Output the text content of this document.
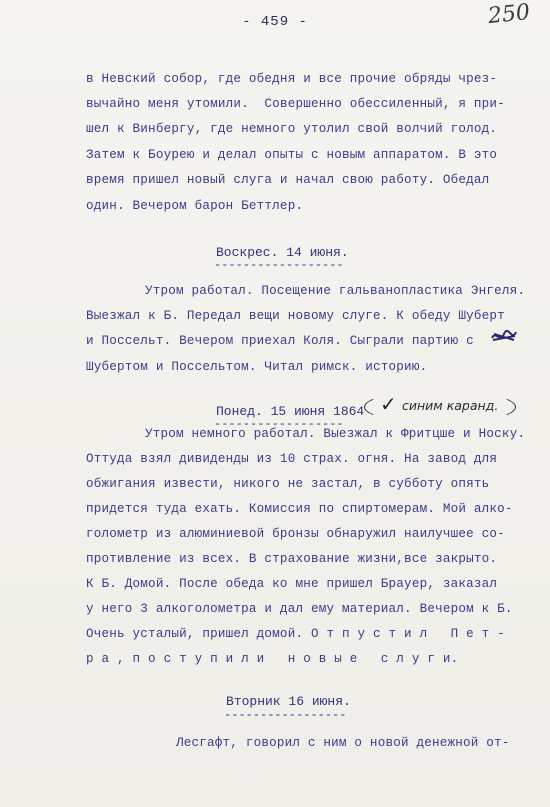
- 459 -	250
в Невский собор, где обедня и все прочие обряды чрез-
вычайно меня утомили.  Совершенно обессиленный, я при-
шел к Винбергу, где немного утолил свой волчий голод.
Затем к Боурею и делал опыты с новым аппаратом. В это
время пришел новый слуга и начал свою работу. Обедал
один. Вечером барон Беттлер.
Воскрес. 14 июня.
------------------
Утром работал. Посещение гальванопластика Энгеля.
Выезжал к Б. Передал вещи новому слуге. К обеду Шуберт
и Поссельт. Вечером приехал Коля. Сыграли партию с
Шубертом и Поссельтом. Читал римск. историю.
Понед. 15 июня 1864
------------------
✓ синим каранд.
Утром немного работал. Выезжал к Фритцше и Носку.
Оттуда взял дивиденды из 10 страх. огня. На завод для
обжигания извести, никого не застал, в субботу опять
придется туда ехать. Комиссия по спиртомерам. Мой алко-
голометр из алюминиевой бронзы обнаружил наилучшее со-
противление из всех. В страхование жизни,все закрыто.
К Б. Домой. После обеда ко мне пришел Брауер, заказал
у него 3 алкоголометра и дал ему материал. Вечером к Б.
Очень усталый, пришел домой. О т п у с т и л   П е т -
р а , п о с т у п и л и   н о в ы е   с л у г и.
Вторник 16 июня.
-----------------
Лесгафт, говорил с ним о новой денежной от-
